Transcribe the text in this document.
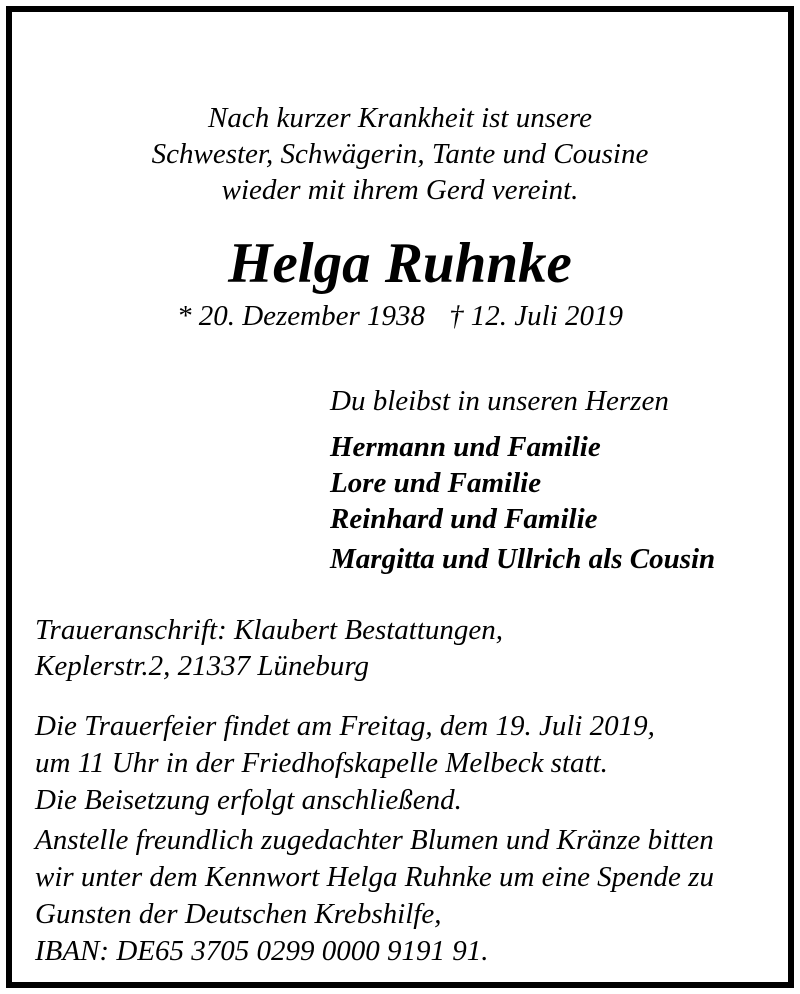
Nach kurzer Krankheit ist unsere
Schwester, Schwägerin, Tante und Cousine
wieder mit ihrem Gerd vereint.
Helga Ruhnke
* 20. Dezember 1938 † 12. Juli 2019
Du bleibst in unseren Herzen
Hermann und Familie
Lore und Familie
Reinhard und Familie
Margitta und Ullrich als Cousin
Traueranschrift: Klaubert Bestattungen,
Keplerstr.2, 21337 Lüneburg
Die Trauerfeier findet am Freitag, dem 19. Juli 2019,
um 11 Uhr in der Friedhofskapelle Melbeck statt.
Die Beisetzung erfolgt anschließend.
Anstelle freundlich zugedachter Blumen und Kränze bitten
wir unter dem Kennwort Helga Ruhnke um eine Spende zu
Gunsten der Deutschen Krebshilfe,
IBAN: DE65 3705 0299 0000 9191 91.
